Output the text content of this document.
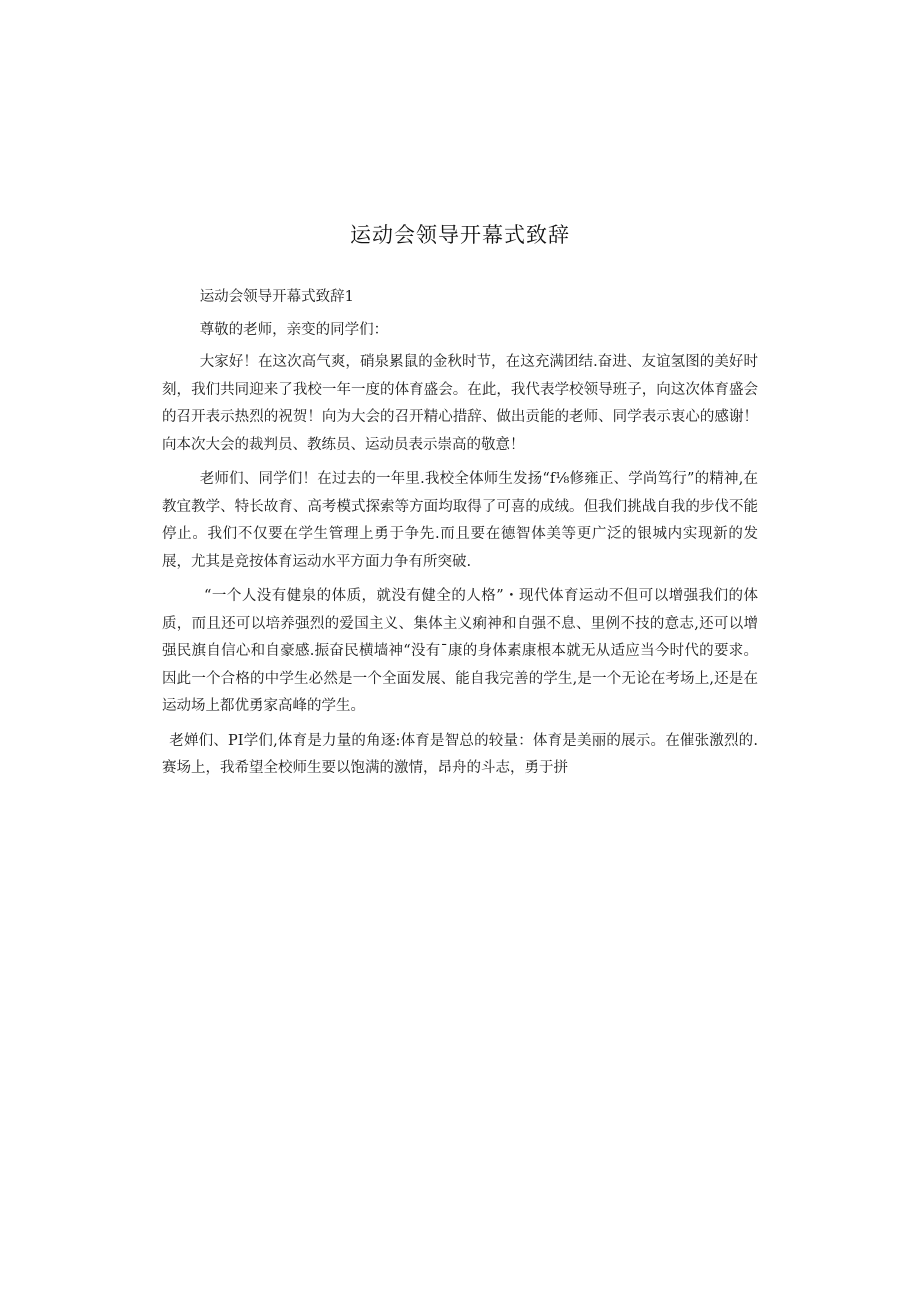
运动会领导开幕式致辞

运动会领导开幕式致辞1

尊敬的老师，亲变的同学们：

大家好！在这次高气爽，硝泉累鼠的金秋时节，在这充满团结.奋进、友谊氢图的美好时刻，我们共同迎来了我校一年一度的体育盛会。在此，我代表学校领导班子，向这次体育盛会的召开表示热烈的祝贺！向为大会的召开精心措辞、做出贡能的老师、同学表示衷心的感谢！向本次大会的裁判员、教练员、运动员表示崇高的敬意！

老师们、同学们！在过去的一年里.我校全体师生发扬“f⅛修雍正、学尚笃行”的精神,在教宜教学、特长故育、高考模式探索等方面均取得了可喜的成绒。但我们挑战自我的步伐不能停止。我们不仅要在学生管理上勇于争先.而且要在德智体美等更广泛的银城内实现新的发展，尤其是竞按体育运动水平方面力争有所突破.

“一个人没有健泉的体质，就没有健全的人格”・现代体育运动不但可以增强我们的体质，而且还可以培养强烈的爱国主义、集体主义痢神和自强不息、里例不技的意志,还可以增强民旗自信心和自豪感.振奋民横墙神“没有ˉ康的身体素康根本就无从适应当今时代的要求。因此一个合格的中学生必然是一个全面发展、能自我完善的学生,是一个无论在考场上,还是在运动场上都优勇家高峰的学生。

老婵们、PI学们,体育是力量的角逐:体育是智总的较量：体育是美丽的展示。在催张激烈的.赛场上，我希望全校师生要以饱满的激情，昂舟的斗志，勇于拼
